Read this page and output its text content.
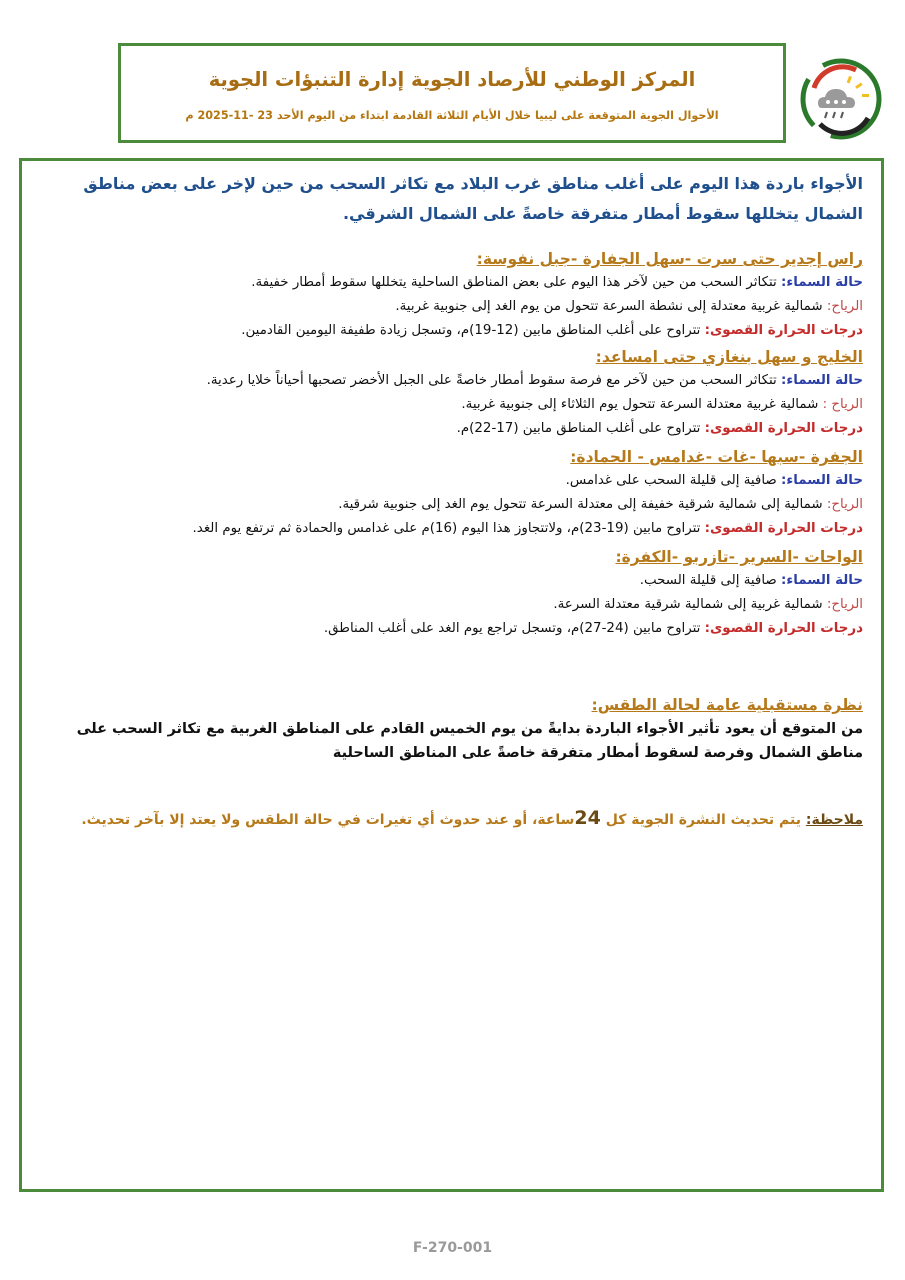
المركز الوطني للأرصاد الجوية إدارة التنبؤات الجوية
الأحوال الجوية المتوقعة على ليبيا خلال الأيام الثلاثة القادمة ابتداء من اليوم الأحد 23 -11-2025 م

الأجواء باردة هذا اليوم على أغلب مناطق غرب البلاد مع تكاثر السحب من حين لإخر على بعض مناطق الشمال يتخللها سقوط أمطار متفرقة خاصةً على الشمال الشرقي.

راس إجدير حتى سرت -سهل الجفارة -جبل نفوسة:

حالة السماء: تتكاثر السحب من حين لآخر هذا اليوم على بعض المناطق الساحلية يتخللها سقوط أمطار خفيفة.

الرياح: شمالية غربية معتدلة إلى نشطة السرعة تتحول من يوم الغد إلى جنوبية غربية.

درجات الحرارة القصوى: تتراوح على أغلب المناطق مابين (12-19)م، وتسجل زيادة طفيفة اليومين القادمين.

الخليج و سهل بنغازي حتى امساعد:

حالة السماء: تتكاثر السحب من حين لآخر مع فرصة سقوط أمطار خاصةً على الجبل الأخضر تصحبها أحياناً خلايا رعدية.

الرياح : شمالية غربية معتدلة السرعة تتحول يوم الثلاثاء إلى جنوبية غربية.

درجات الحرارة القصوى: تتراوح على أغلب المناطق مابين (17-22)م.

الجفرة -سبها -غات -غدامس - الحمادة:

حالة السماء: صافية إلى قليلة السحب على غدامس.

الرياح: شمالية إلى شمالية شرقية خفيفة إلى معتدلة السرعة تتحول يوم الغد إلى جنوبية شرقية.

درجات الحرارة القصوى: تتراوح مابين (19-23)م، ولاتتجاوز هذا اليوم (16)م على غدامس والحمادة ثم ترتفع يوم الغد.

الواحات -السرير -تازربو -الكفرة:

حالة السماء: صافية إلى قليلة السحب.

الرياح: شمالية غربية إلى شمالية شرقية معتدلة السرعة.

درجات الحرارة القصوى: تتراوح مابين (24-27)م، وتسجل تراجع يوم الغد على أغلب المناطق.

نظرة مستقبلية عامة لحالة الطقس:

من المتوقع أن يعود تأثير الأجواء الباردة بدايةً من يوم الخميس القادم على المناطق الغربية مع تكاثر السحب على مناطق الشمال وفرصة لسقوط أمطار متفرقة خاصةً على المناطق الساحلية

ملاحظة: يتم تحديث النشرة الجوية كل 24ساعة، أو عند حدوث أي تغيرات في حالة الطقس ولا يعتد إلا بآخر تحديث.

F-270-001
